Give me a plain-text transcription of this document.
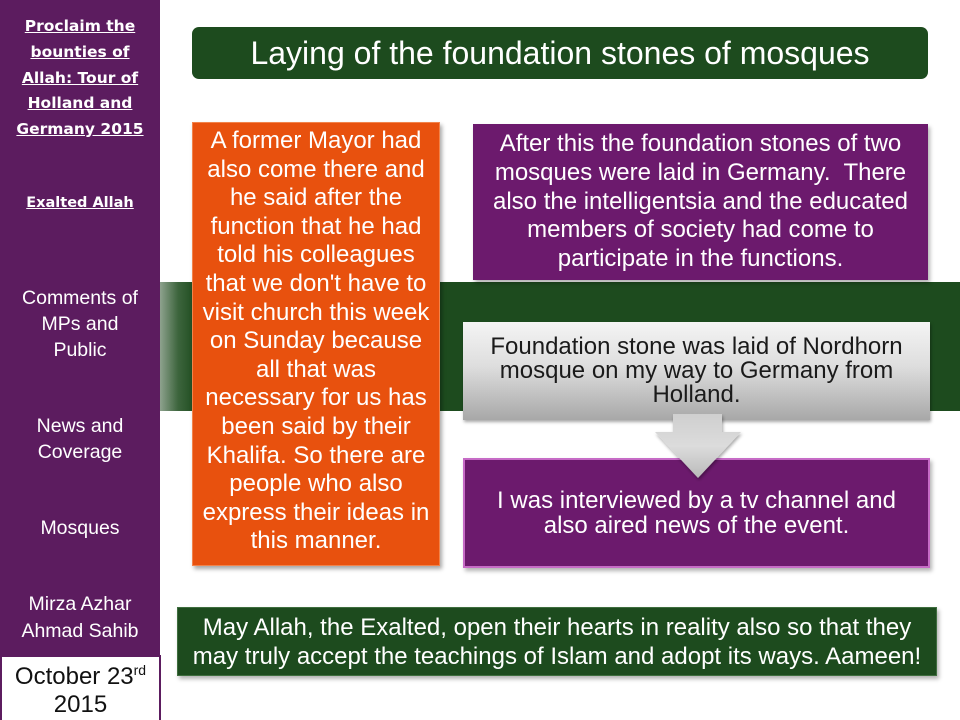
Proclaim the bounties of Allah: Tour of Holland and Germany 2015
Exalted Allah
Comments of MPs and Public
News and Coverage
Mosques
Mirza Azhar Ahmad Sahib
October 23rd
2015
Laying of the foundation stones of mosques
A former Mayor had also come there and he said after the function that he had told his colleagues that we don't have to visit church this week on Sunday because all that was necessary for us has been said by their Khalifa. So there are people who also express their ideas in this manner.

After this the foundation stones of two mosques were laid in Germany.  There also the intelligentsia and the educated members of society had come to participate in the functions.

Foundation stone was laid of Nordhorn mosque on my way to Germany from Holland.

I was interviewed by a tv channel and also aired news of the event.

May Allah, the Exalted, open their hearts in reality also so that they may truly accept the teachings of Islam and adopt its ways. Aameen!
